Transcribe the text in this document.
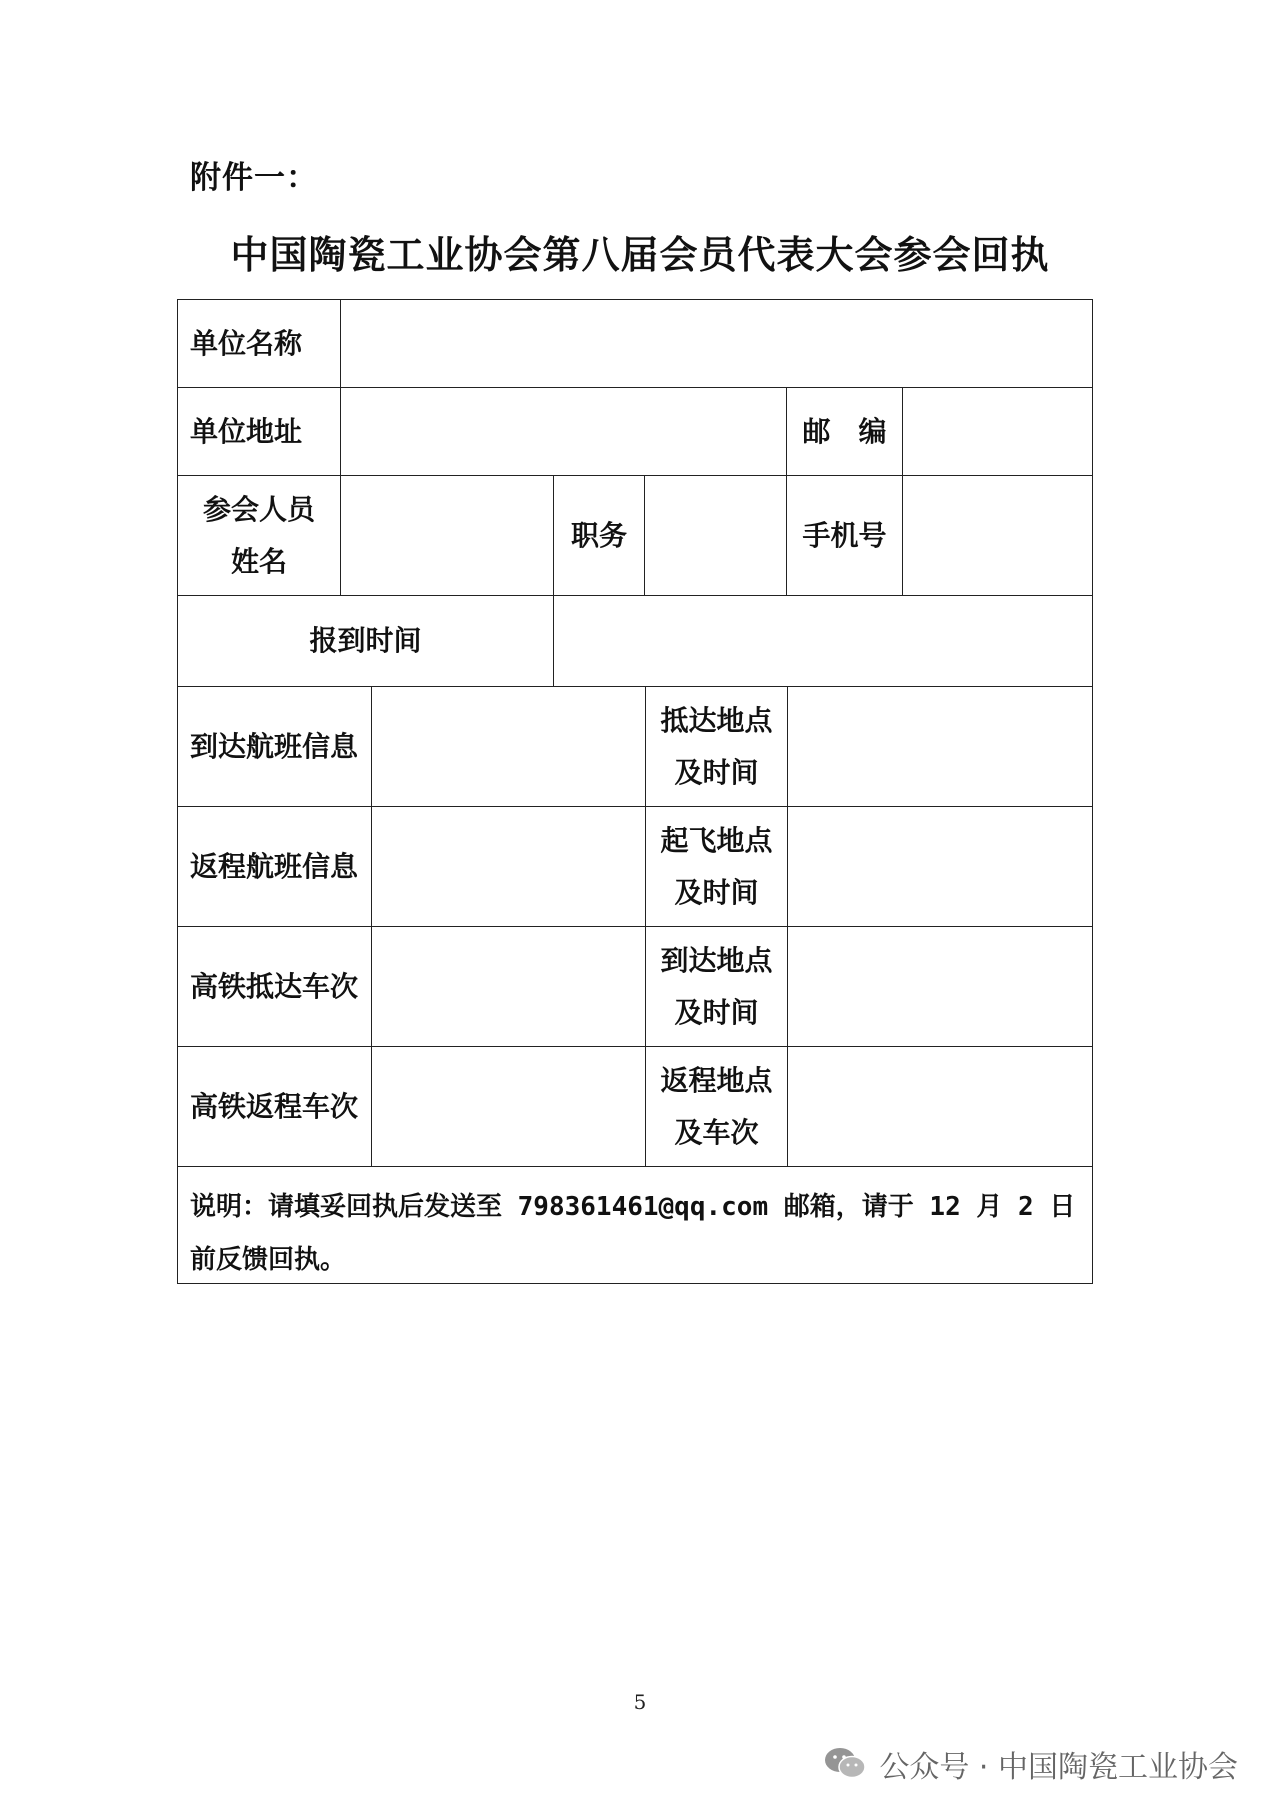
附件一：
中国陶瓷工业协会第八届会员代表大会参会回执
单位名称
单位地址	邮　编
参会人员
姓名
职务	手机号
报到时间
到达航班信息
抵达地点
及时间
返程航班信息
起飞地点
及时间
高铁抵达车次
到达地点
及时间
高铁返程车次
返程地点
及车次
说明：请填妥回执后发送至 798361461@qq.com 邮箱，请于 12 月 2 日前反馈回执。
5
公众号 · 中国陶瓷工业协会
